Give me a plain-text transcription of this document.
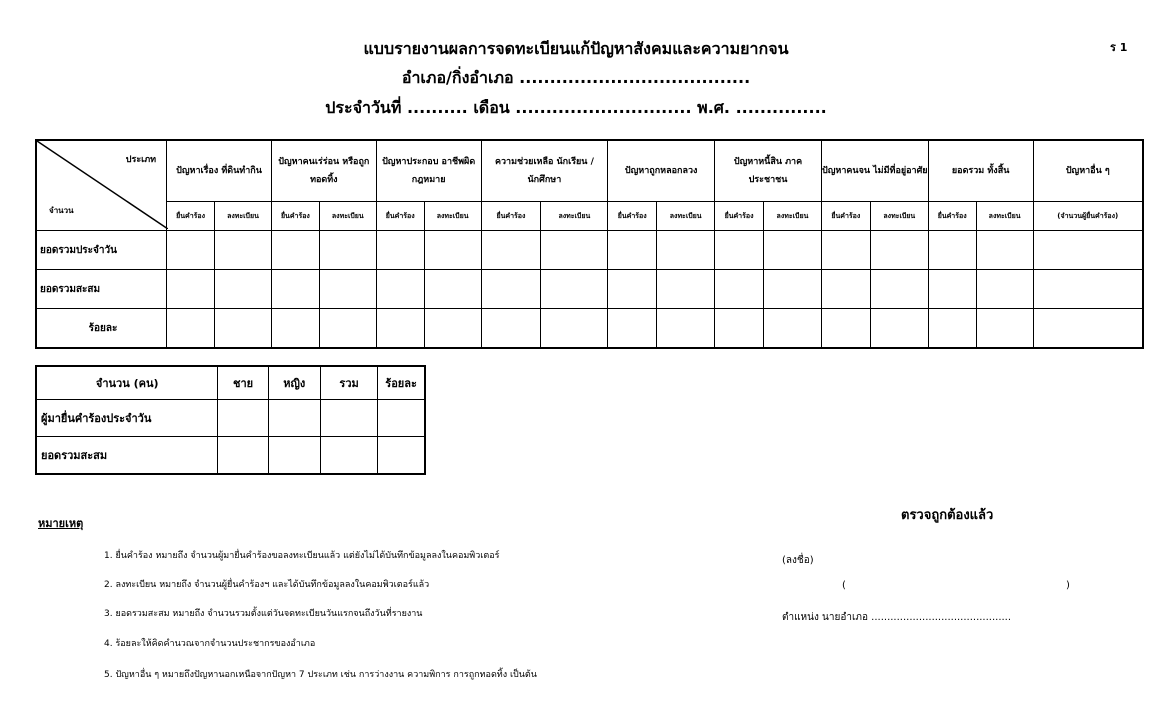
ร 1
แบบรายงานผลการจดทะเบียนแก้ปัญหาสังคมและความยากจน
อำเภอ/กิ่งอำเภอ ......................................
ประจำวันที่ .......... เดือน ............................. พ.ศ. ...............
ประเภท
จำนวน	ปัญหาเรื่อง ที่ดินทำกิน		ปัญหาคนเร่ร่อน หรือถูกทอดทิ้ง		ปัญหาประกอบ อาชีพผิดกฎหมาย		ความช่วยเหลือ นักเรียน / นักศึกษา		ปัญหาถูกหลอกลวง		ปัญหาหนี้สิน ภาคประชาชน		ปัญหาคนจน ไม่มีที่อยู่อาศัย		ยอดรวม ทั้งสิ้น		ปัญหาอื่น ๆ
	ยื่นคำร้อง	ลงทะเบียน	ยื่นคำร้อง	ลงทะเบียน	ยื่นคำร้อง	ลงทะเบียน	ยื่นคำร้อง	ลงทะเบียน	ยื่นคำร้อง	ลงทะเบียน	ยื่นคำร้อง	ลงทะเบียน	ยื่นคำร้อง	ลงทะเบียน	ยื่นคำร้อง	ลงทะเบียน	(จำนวนผู้ยื่นคำร้อง)
ยอดรวมประจำวัน																	
ยอดรวมสะสม																	
ร้อยละ																	
จำนวน (คน)	ชาย	หญิง	รวม	ร้อยละ
ผู้มายื่นคำร้องประจำวัน				
ยอดรวมสะสม				
หมายเหตุ
1. ยื่นคำร้อง หมายถึง จำนวนผู้มายื่นคำร้องขอลงทะเบียนแล้ว แต่ยังไม่ได้บันทึกข้อมูลลงในคอมพิวเตอร์
2. ลงทะเบียน หมายถึง จำนวนผู้ยื่นคำร้องฯ และได้บันทึกข้อมูลลงในคอมพิวเตอร์แล้ว
3. ยอดรวมสะสม หมายถึง จำนวนรวมตั้งแต่วันจดทะเบียนวันแรกจนถึงวันที่รายงาน
4. ร้อยละให้คิดคำนวณจากจำนวนประชากรของอำเภอ
5. ปัญหาอื่น ๆ หมายถึงปัญหานอกเหนือจากปัญหา 7 ประเภท เช่น การว่างงาน ความพิการ การถูกทอดทิ้ง เป็นต้น
ตรวจถูกต้องแล้ว
(ลงชื่อ)
(	)
ตำแหน่ง นายอำเภอ ............................................
